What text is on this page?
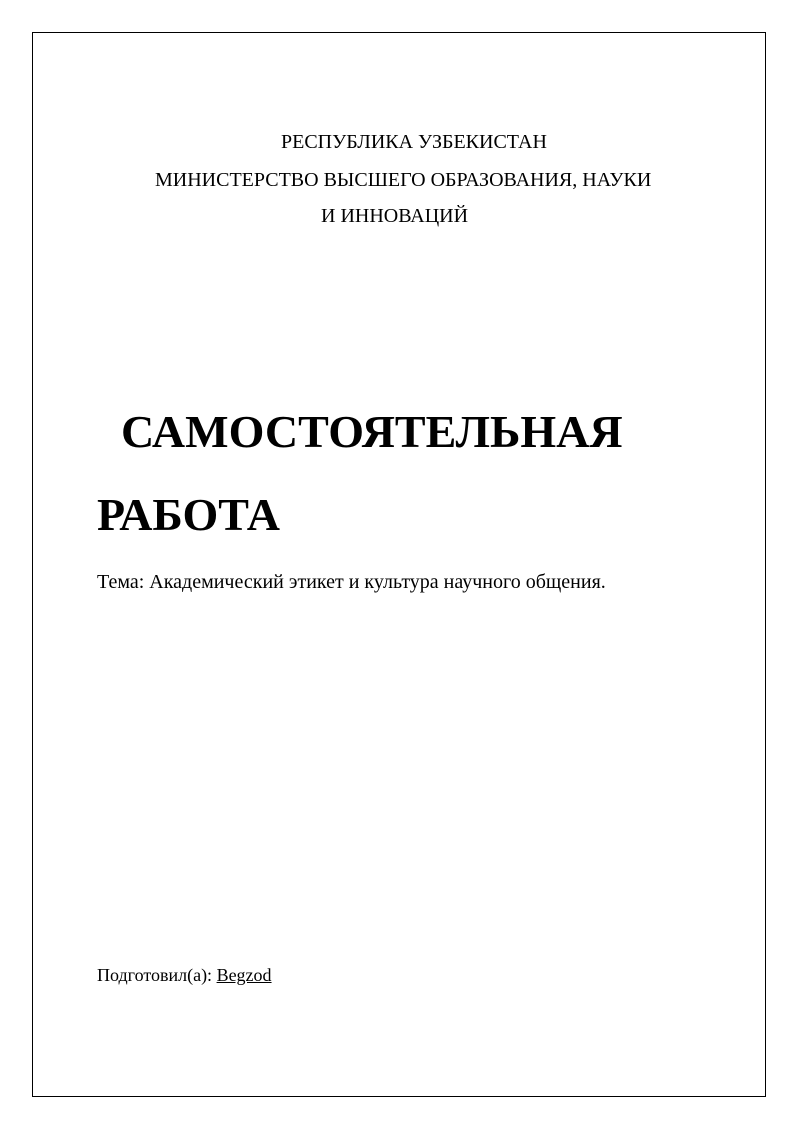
РЕСПУБЛИКА УЗБЕКИСТАН
МИНИСТЕРСТВО ВЫСШЕГО ОБРАЗОВАНИЯ, НАУКИ
И ИННОВАЦИЙ
САМОСТОЯТЕЛЬНАЯ
РАБОТА
Тема: Академический этикет и культура научного общения.
Подготовил(а): Begzod
